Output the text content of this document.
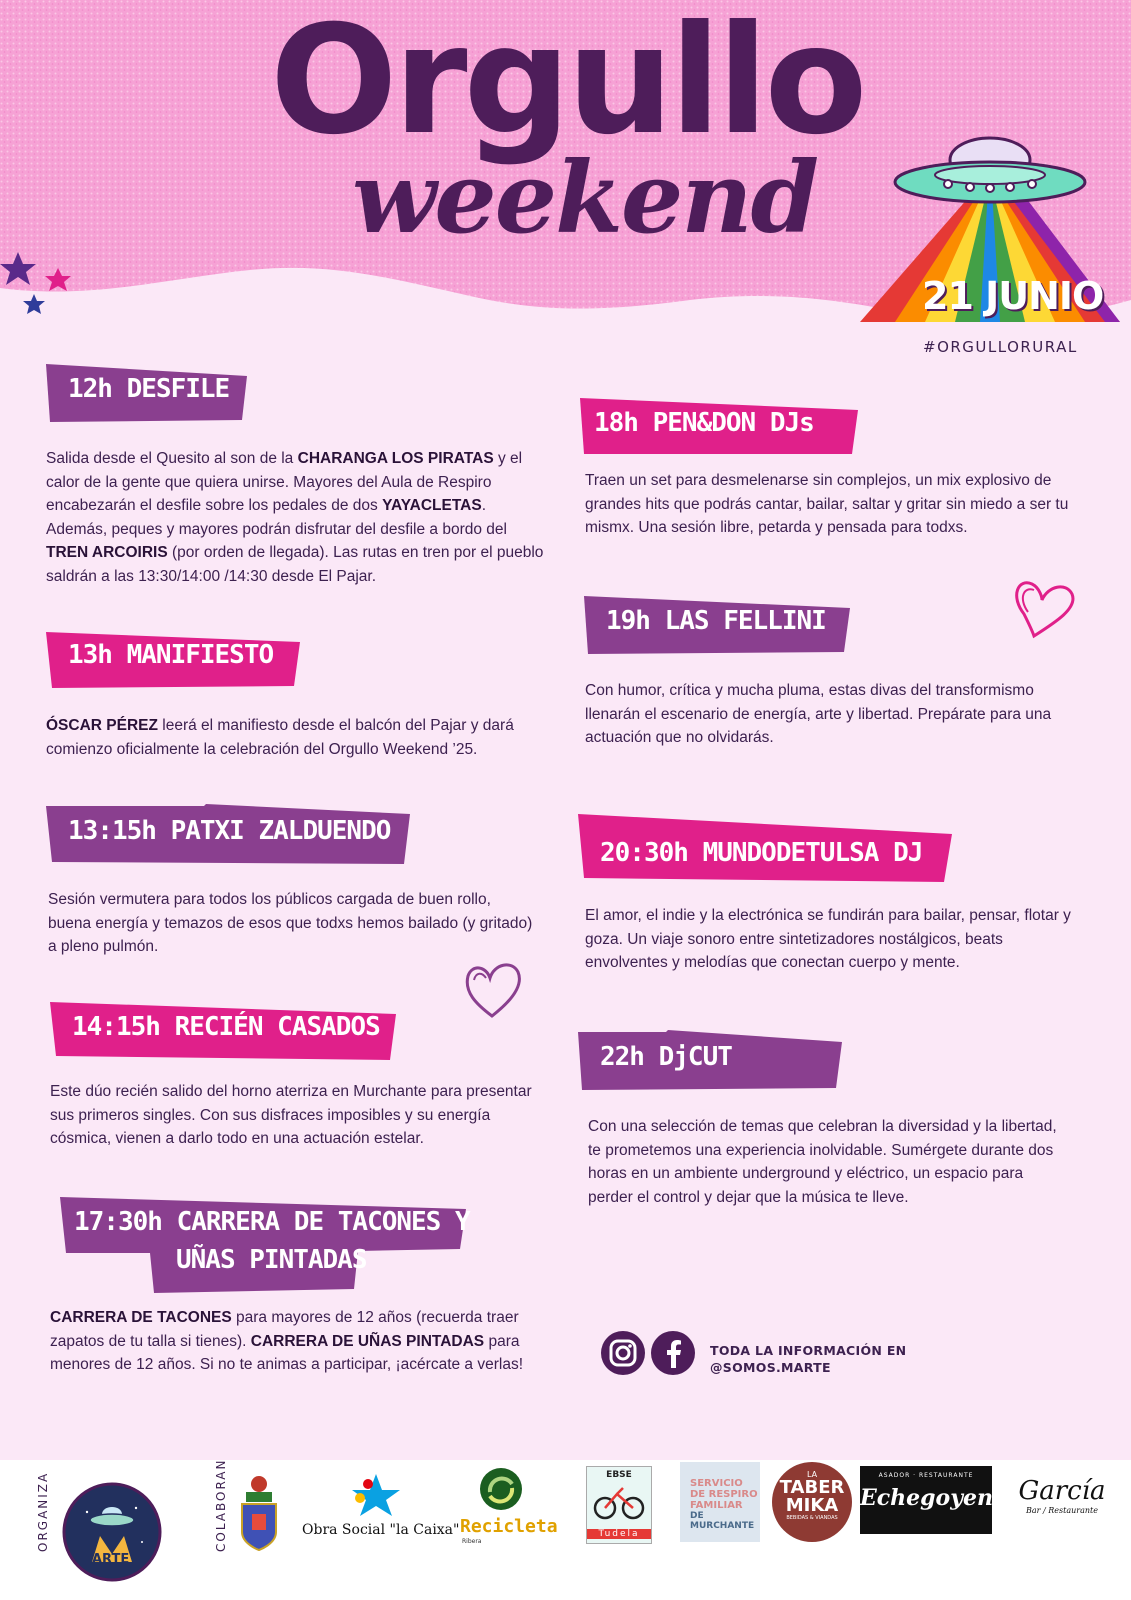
Orgullo
weekend
21 JUNIO
#ORGULLORURAL
12h DESFILE
Salida desde el Quesito al son de la CHARANGA LOS PIRATAS y el calor de la gente que quiera unirse. Mayores del Aula de Respiro encabezarán el desfile sobre los pedales de dos YAYACLETAS. Además, peques y mayores podrán disfrutar del desfile a bordo del TREN ARCOIRIS (por orden de llegada). Las rutas en tren por el pueblo saldrán a las 13:30/14:00 /14:30 desde El Pajar.
13h MANIFIESTO
ÓSCAR PÉREZ leerá el manifiesto desde el balcón del Pajar y dará comienzo oficialmente la celebración del Orgullo Weekend ’25.
13:15h PATXI ZALDUENDO
Sesión vermutera para todos los públicos cargada de buen rollo, buena energía y temazos de esos que todxs hemos bailado (y gritado) a pleno pulmón.
14:15h RECIÉN CASADOS
Este dúo recién salido del horno aterriza en Murchante para presentar sus primeros singles. Con sus disfraces imposibles y su energía cósmica, vienen a darlo todo en una actuación estelar.
17:30h CARRERA DE TACONES Y
UÑAS PINTADAS
CARRERA DE TACONES para mayores de 12 años (recuerda traer zapatos de tu talla si tienes). CARRERA DE UÑAS PINTADAS para menores de 12 años. Si no te animas a participar, ¡acércate a verlas!
18h PEN&DON DJs
Traen un set para desmelenarse sin complejos, un mix explosivo de grandes hits que podrás cantar, bailar, saltar y gritar sin miedo a ser tu mismx. Una sesión libre, petarda y pensada para todxs.
19h LAS FELLINI
Con humor, crítica y mucha pluma, estas divas del transformismo llenarán el escenario de energía, arte y libertad. Prepárate para una actuación que no olvidarás.
20:30h MUNDODETULSA DJ
El amor, el indie y la electrónica se fundirán para bailar, pensar, flotar y goza. Un viaje sonoro entre sintetizadores nostálgicos, beats envolventes y melodías que conectan cuerpo y mente.
22h DjCUT
Con una selección de temas que celebran la diversidad y la libertad, te prometemos una experiencia inolvidable. Sumérgete durante dos horas en un ambiente underground y eléctrico, un espacio para perder el control y dejar que la música te lleve.
TODA LA INFORMACIÓN EN
@SOMOS.MARTE
ORGANIZA
ARTE
COLABORAN	Obra Social "la Caixa" Recicleta
Ribera
EBSE
Tudela
SERVICIO
DE RESPIRO
FAMILIAR
DE MURCHANTE
LA
TABER
MIKA
BEBIDAS & VIANDAS
ASADOR · RESTAURANTE
Echegoyen García
Bar / Restaurante
